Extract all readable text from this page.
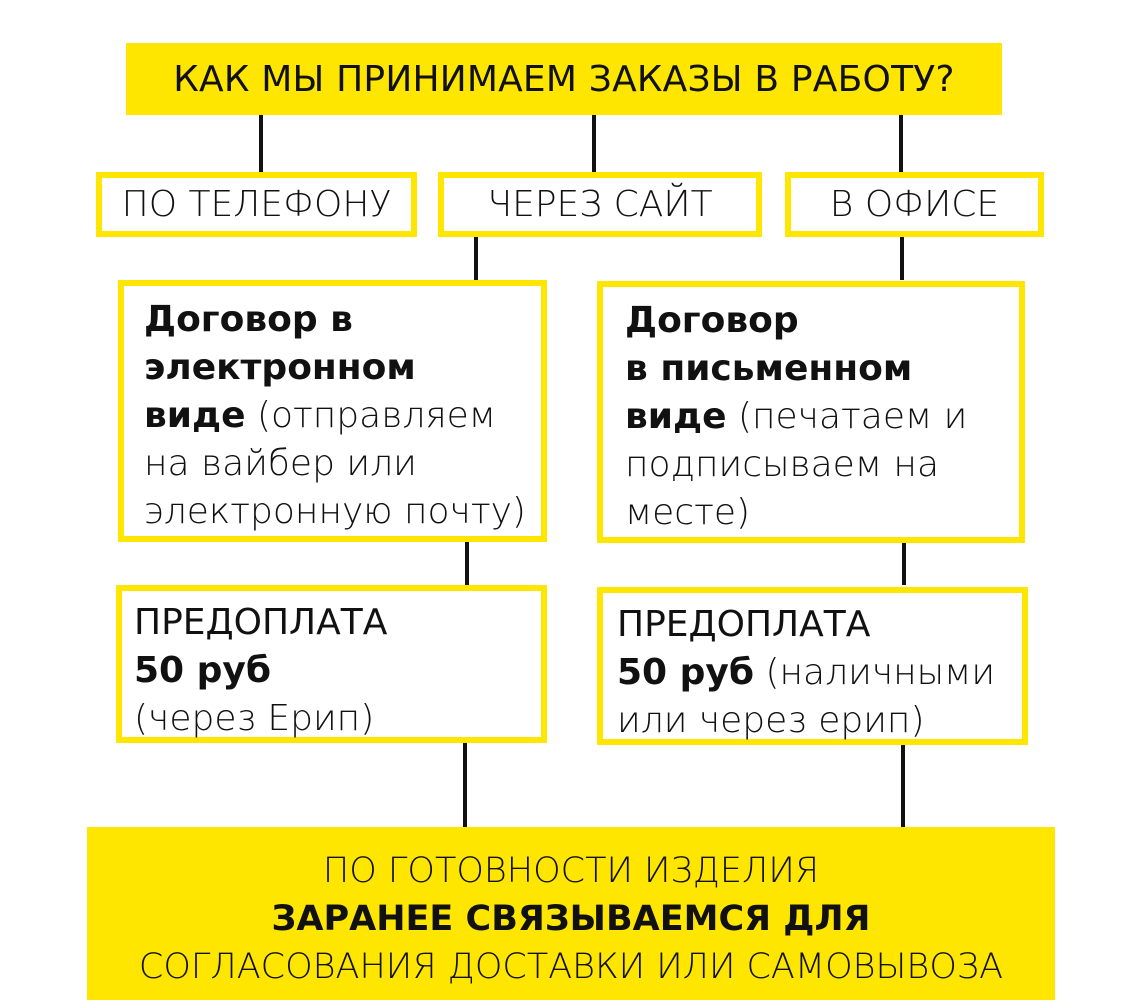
КАК МЫ ПРИНИМАЕМ ЗАКАЗЫ В РАБОТУ?
ПО ТЕЛЕФОНУ	ЧЕРЕЗ САЙТ	В ОФИСЕ
Договор в
электронном
виде (отправляем
на вайбер или
электронную почту)
Договор
в письменном
виде (печатаем и
подписываем на
месте)
ПРЕДОПЛАТА
50 руб
(через Ерип)
ПРЕДОПЛАТА
50 руб (наличными
или через ерип)
ПО ГОТОВНОСТИ ИЗДЕЛИЯ
ЗАРАНЕЕ СВЯЗЫВАЕМСЯ ДЛЯ
СОГЛАСОВАНИЯ ДОСТАВКИ ИЛИ САМОВЫВОЗА
